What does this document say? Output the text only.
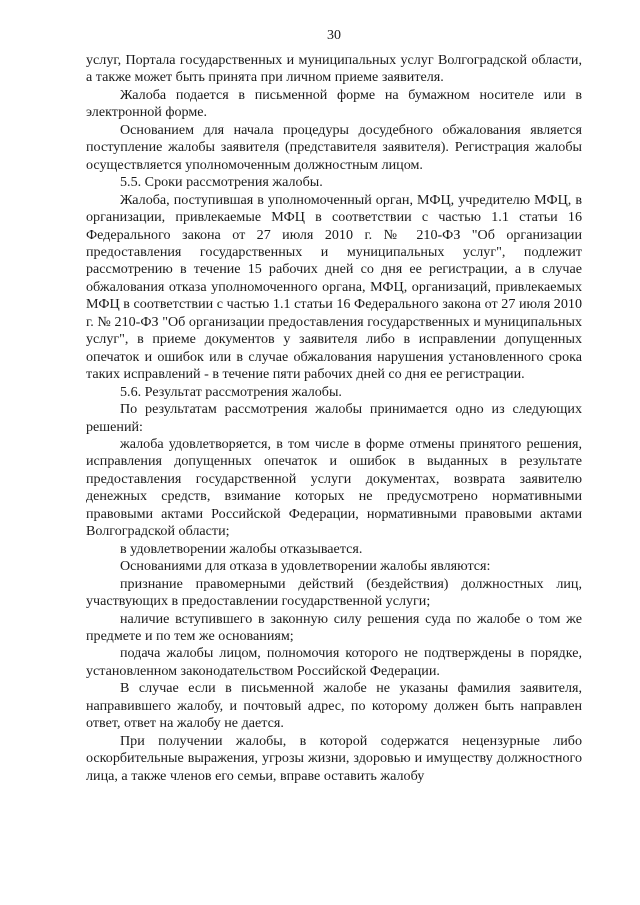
30

услуг, Портала государственных и муниципальных услуг Волгоградской области, а также может быть принята при личном приеме заявителя.

Жалоба подается в письменной форме на бумажном носителе или в электронной форме.

Основанием для начала процедуры досудебного обжалования является поступление жалобы заявителя (представителя заявителя). Регистрация жалобы осуществляется уполномоченным должностным лицом.

5.5. Сроки рассмотрения жалобы.

Жалоба, поступившая в уполномоченный орган, МФЦ, учредителю МФЦ, в организации, привлекаемые МФЦ в соответствии с частью 1.1 статьи 16 Федерального закона от 27 июля 2010 г. № 210-ФЗ "Об организации предоставления государственных и муниципальных услуг", подлежит рассмотрению в течение 15 рабочих дней со дня ее регистрации, а в случае обжалования отказа уполномоченного органа, МФЦ, организаций, привлекаемых МФЦ в соответствии с частью 1.1 статьи 16 Федерального закона от 27 июля 2010 г. № 210-ФЗ "Об организации предоставления государственных и муниципальных услуг", в приеме документов у заявителя либо в исправлении допущенных опечаток и ошибок или в случае обжалования нарушения установленного срока таких исправлений - в течение пяти рабочих дней со дня ее регистрации.

5.6. Результат рассмотрения жалобы.

По результатам рассмотрения жалобы принимается одно из следующих решений:

жалоба удовлетворяется, в том числе в форме отмены принятого решения, исправления допущенных опечаток и ошибок в выданных в результате предоставления государственной услуги документах, возврата заявителю денежных средств, взимание которых не предусмотрено нормативными правовыми актами Российской Федерации, нормативными правовыми актами Волгоградской области;

в удовлетворении жалобы отказывается.

Основаниями для отказа в удовлетворении жалобы являются:

признание правомерными действий (бездействия) должностных лиц, участвующих в предоставлении государственной услуги;

наличие вступившего в законную силу решения суда по жалобе о том же предмете и по тем же основаниям;

подача жалобы лицом, полномочия которого не подтверждены в порядке, установленном законодательством Российской Федерации.

В случае если в письменной жалобе не указаны фамилия заявителя, направившего жалобу, и почтовый адрес, по которому должен быть направлен ответ, ответ на жалобу не дается.

При получении жалобы, в которой содержатся нецензурные либо оскорбительные выражения, угрозы жизни, здоровью и имуществу должностного лица, а также членов его семьи, вправе оставить жалобу
